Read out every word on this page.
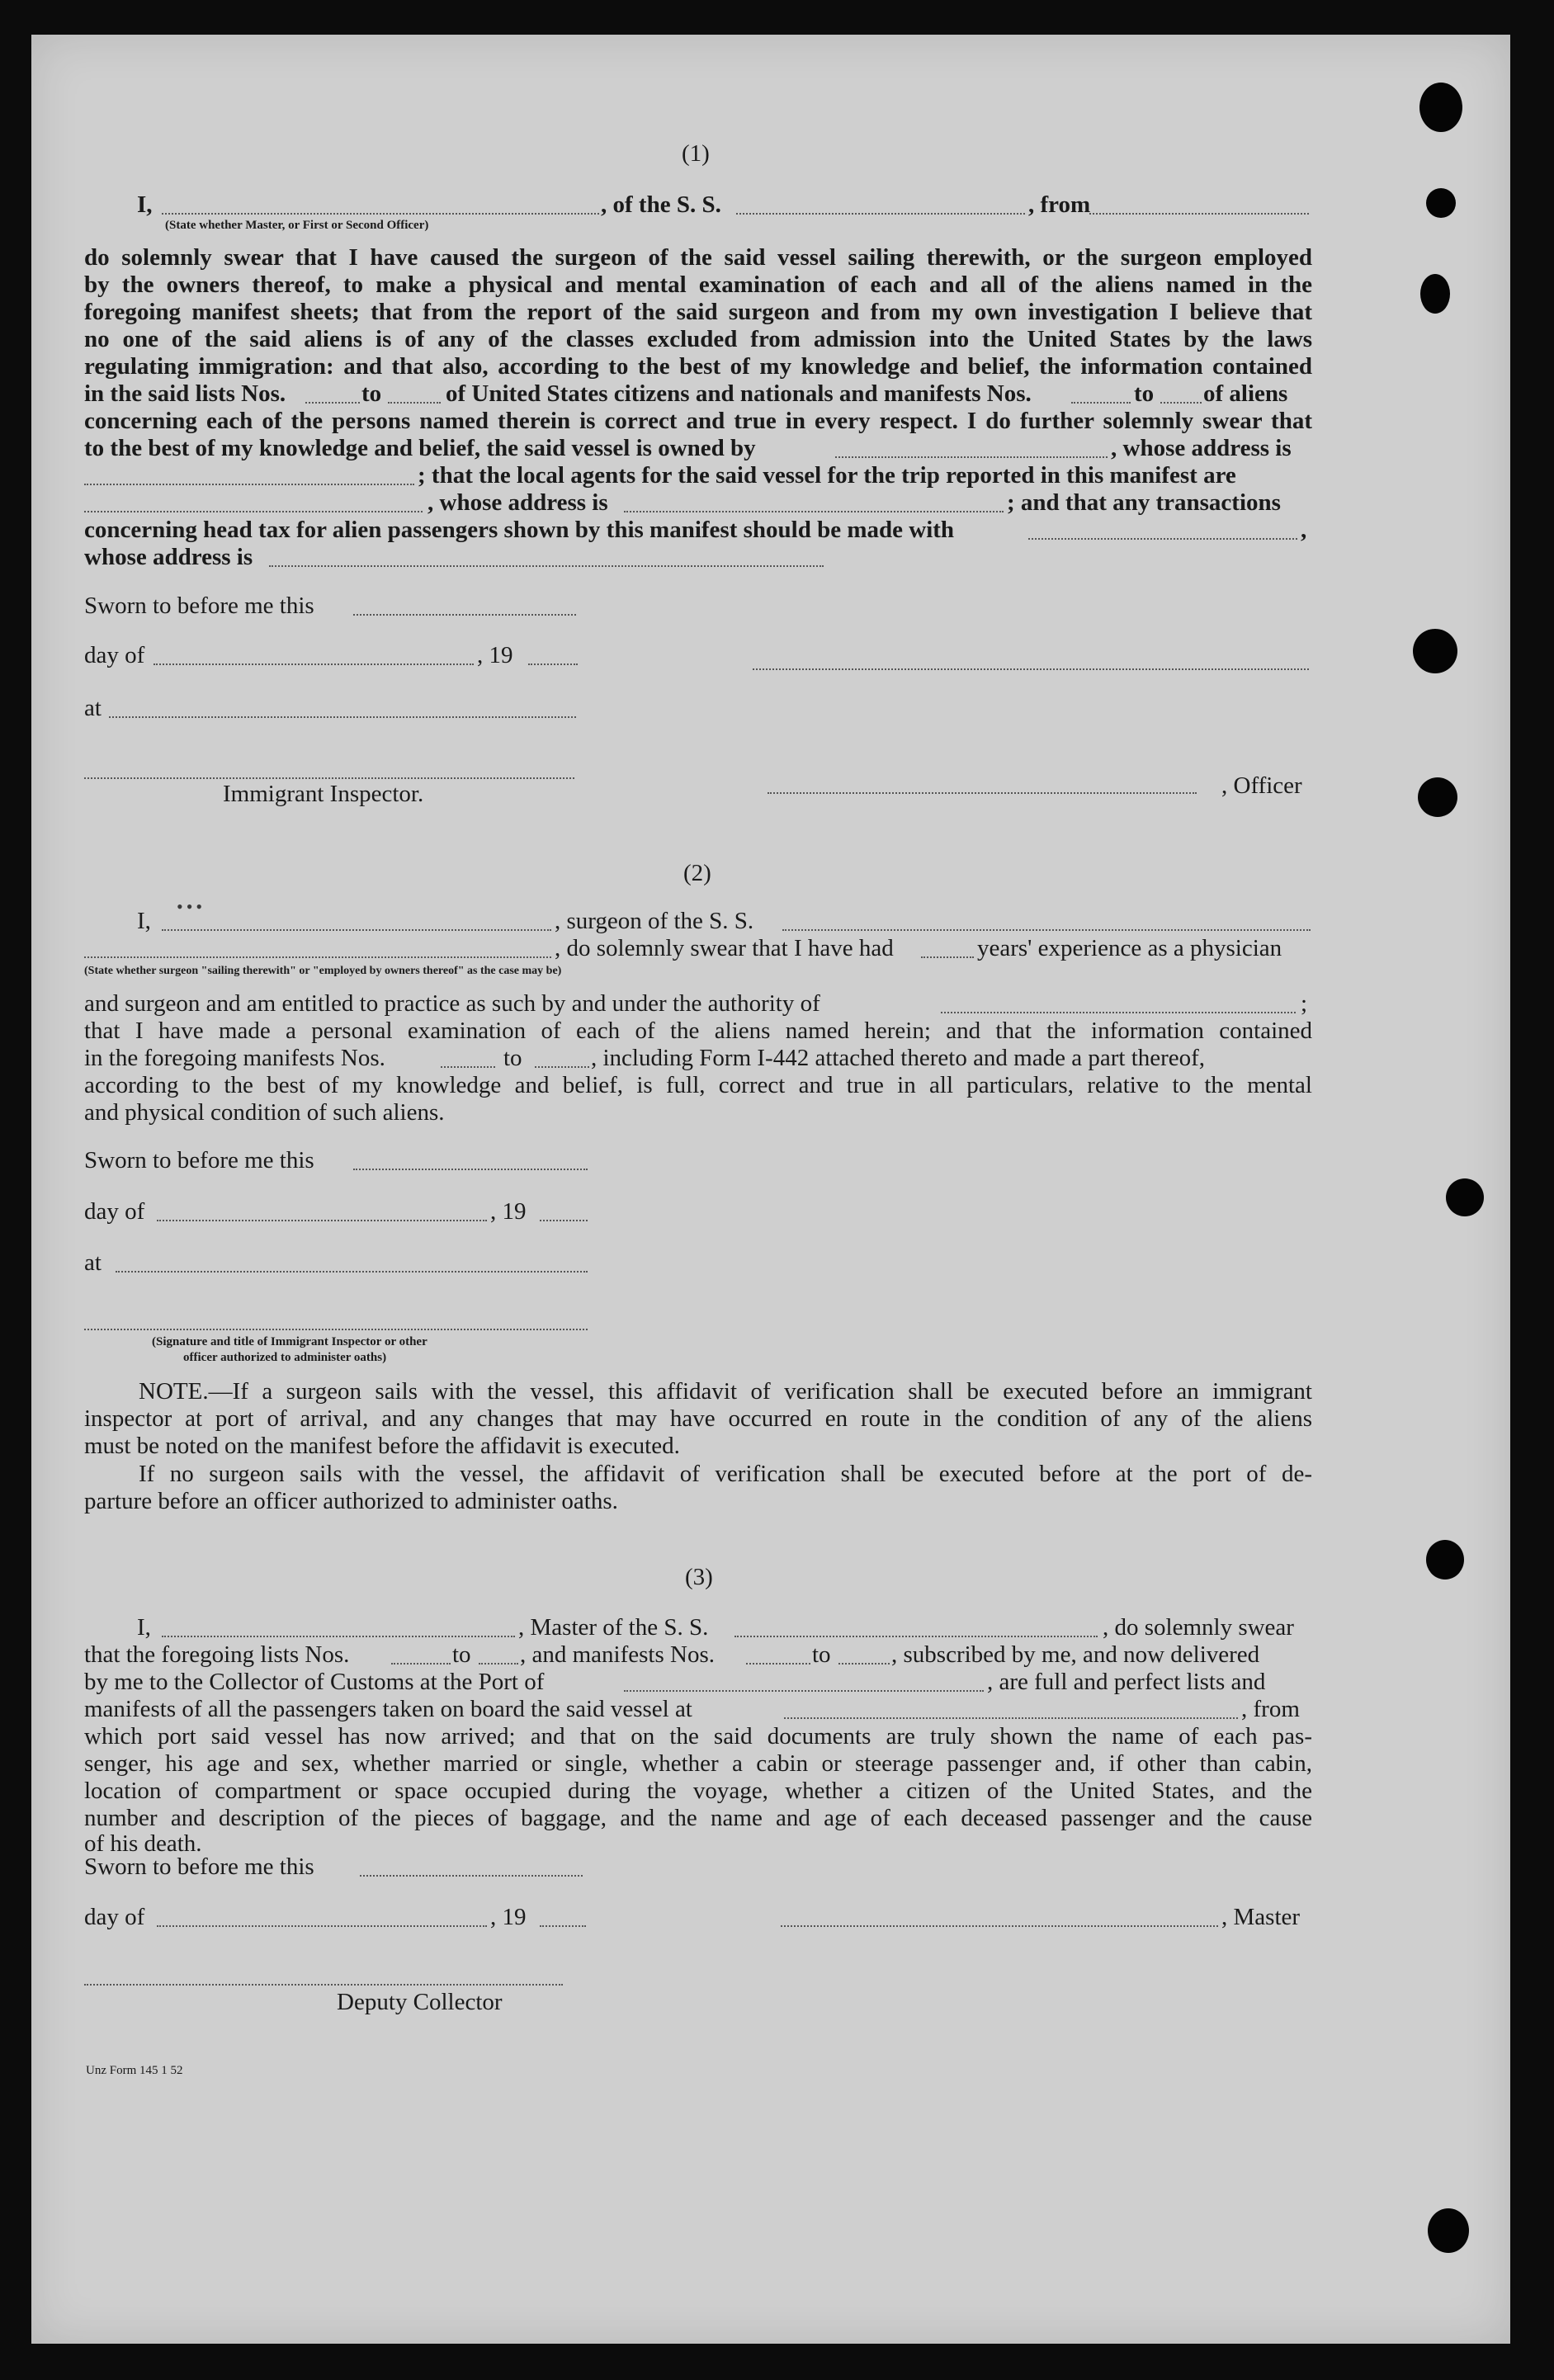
(1)
I,	, of the S. S.	, from
(State whether Master, or First or Second Officer)
do solemnly swear that I have caused the surgeon of the said vessel sailing therewith, or the surgeon employed
by the owners thereof, to make a physical and mental examination of each and all of the aliens named in the
foregoing manifest sheets; that from the report of the said surgeon and from my own investigation I believe that
no one of the said aliens is of any of the classes excluded from admission into the United States by the laws
regulating immigration: and that also, according to the best of my knowledge and belief, the information contained
in the said lists Nos.	to	of United States citizens and nationals and manifests Nos.	to of aliens
concerning each of the persons named therein is correct and true in every respect. I do further solemnly swear that
to the best of my knowledge and belief, the said vessel is owned by	, whose address is
; that the local agents for the said vessel for the trip reported in this manifest are
, whose address is	; and that any transactions
concerning head tax for alien passengers shown by this manifest should be made with	,
whose address is
Sworn to before me this
day of	, 19
at
Immigrant Inspector.	, Officer
(2)
I,
•••
, surgeon of the S. S.
, do solemnly swear that I have had	years' experience as a physician
(State whether surgeon "sailing therewith" or "employed by owners thereof" as the case may be)
and surgeon and am entitled to practice as such by and under the authority of	;
that I have made a personal examination of each of the aliens named herein; and that the information contained
in the foregoing manifests Nos.	to	, including Form I-442 attached thereto and made a part thereof,
according to the best of my knowledge and belief, is full, correct and true in all particulars, relative to the mental
and physical condition of such aliens.
Sworn to before me this
day of	, 19
at
(Signature and title of Immigrant Inspector or other
officer authorized to administer oaths)
NOTE.—If a surgeon sails with the vessel, this affidavit of verification shall be executed before an immigrant
inspector at port of arrival, and any changes that may have occurred en route in the condition of any of the aliens
must be noted on the manifest before the affidavit is executed.
If no surgeon sails with the vessel, the affidavit of verification shall be executed before at the port of de-
parture before an officer authorized to administer oaths.
(3)
I,	, Master of the S. S.	, do solemnly swear
that the foregoing lists Nos.	to , and manifests Nos.	to	, subscribed by me, and now delivered
by me to the Collector of Customs at the Port of	, are full and perfect lists and
manifests of all the passengers taken on board the said vessel at	, from
which port said vessel has now arrived; and that on the said documents are truly shown the name of each pas-
senger, his age and sex, whether married or single, whether a cabin or steerage passenger and, if other than cabin,
location of compartment or space occupied during the voyage, whether a citizen of the United States, and the
number and description of the pieces of baggage, and the name and age of each deceased passenger and the cause
of his death.
Sworn to before me this
day of	, 19	, Master
Deputy Collector
Unz Form 145 1 52
